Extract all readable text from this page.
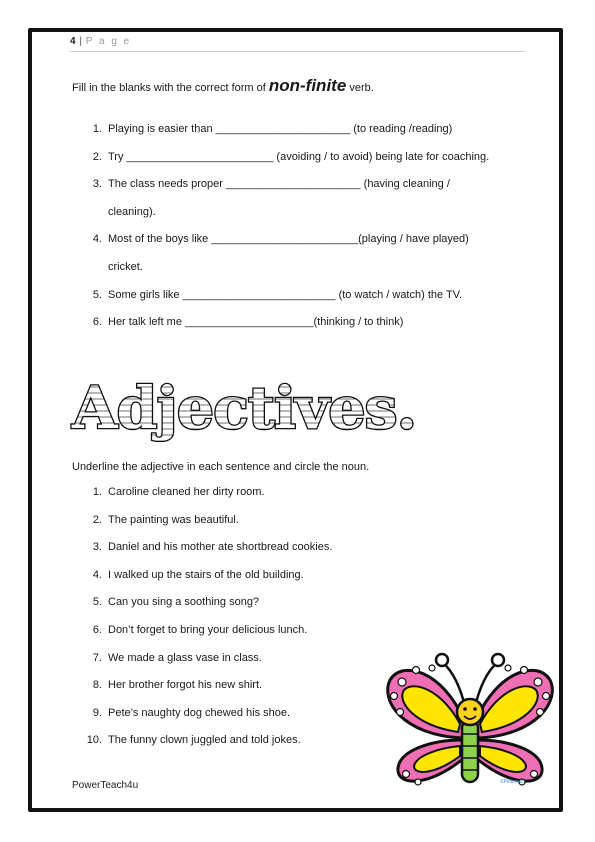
4 | P a g e
Fill in the blanks with the correct form of non-finite verb.
1. Playing is easier than ______________________ (to reading /reading)
2. Try ________________________ (avoiding / to avoid) being late for coaching.
3. The class needs proper ______________________ (having cleaning /
cleaning).
4. Most of the boys like ________________________(playing / have played)
cricket.
5. Some girls like _________________________ (to watch / watch) the TV.
6. Her talk left me _____________________(thinking / to think)
Adjectives.
Underline the adjective in each sentence and circle the noun.
1. Caroline cleaned her dirty room.
2. The painting was beautiful.
3. Daniel and his mother ate shortbread cookies.
4. I walked up the stairs of the old building.
5. Can you sing a soothing song?
6. Don’t forget to bring your delicious lunch.
7. We made a glass vase in class.
8. Her brother forgot his new shirt.
9. Pete’s naughty dog chewed his shoe.
10. The funny clown juggled and told jokes.
©Pinterest
PowerTeach4u
